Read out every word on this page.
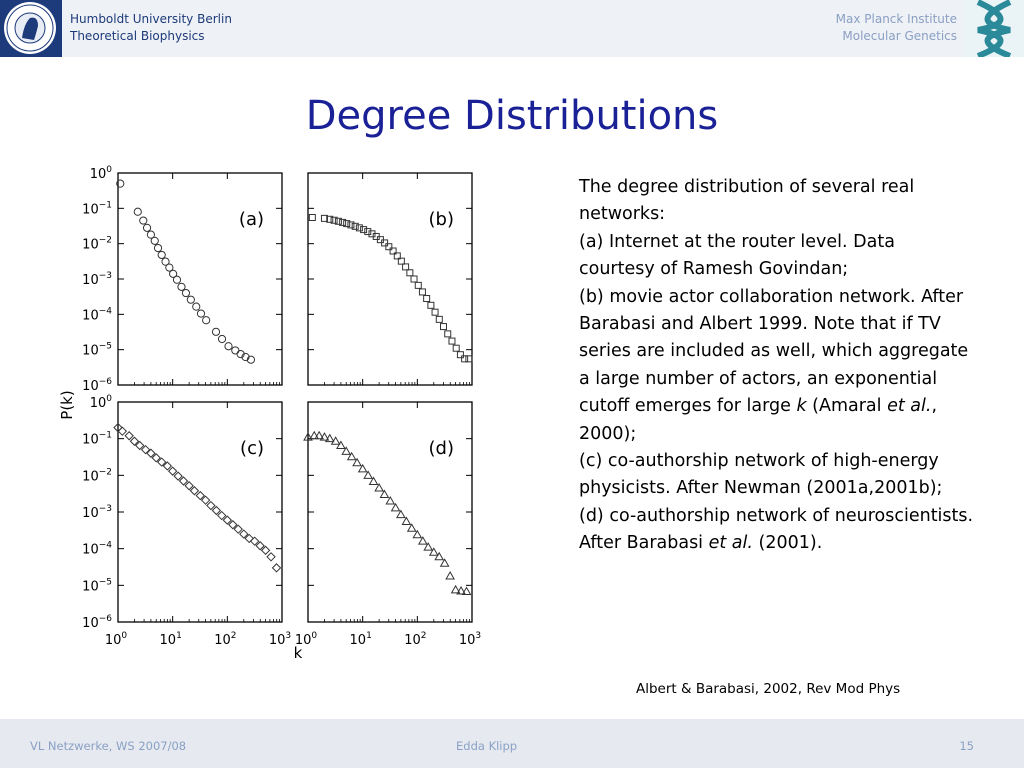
Humboldt University Berlin
Theoretical Biophysics
Max Planck Institute
Molecular Genetics
Degree Distributions
$10^0$
$10^{-1}$
$10^{-2}$
$10^{-3}$
$10^{-4}$
$10^{-5}$
$10^{-6}$
(a)	(b)
$10^0$
$10^{-1}$
$10^{-2}$
$10^{-3}$
$10^{-4}$
$10^{-5}$
$10^{-6}$
$10^0$ $10^1$ $10^2$ $10^3$
(c)
$10^0$ $10^1$ $10^2$ $10^3$
(d)
P(k)
k
The degree distribution of several real networks:
(a) Internet at the router level. Data courtesy of Ramesh Govindan;
(b) movie actor collaboration network. After Barabasi and Albert 1999. Note that if TV series are included as well, which aggregate a large number of actors, an exponential cutoff emerges for large k (Amaral et al., 2000);
(c) co-authorship network of high-energy physicists. After Newman (2001a,2001b);
(d) co-authorship network of neuroscientists. After Barabasi et al. (2001).
Albert & Barabasi, 2002, Rev Mod Phys
VL Netzwerke, WS 2007/08	Edda Klipp	15
